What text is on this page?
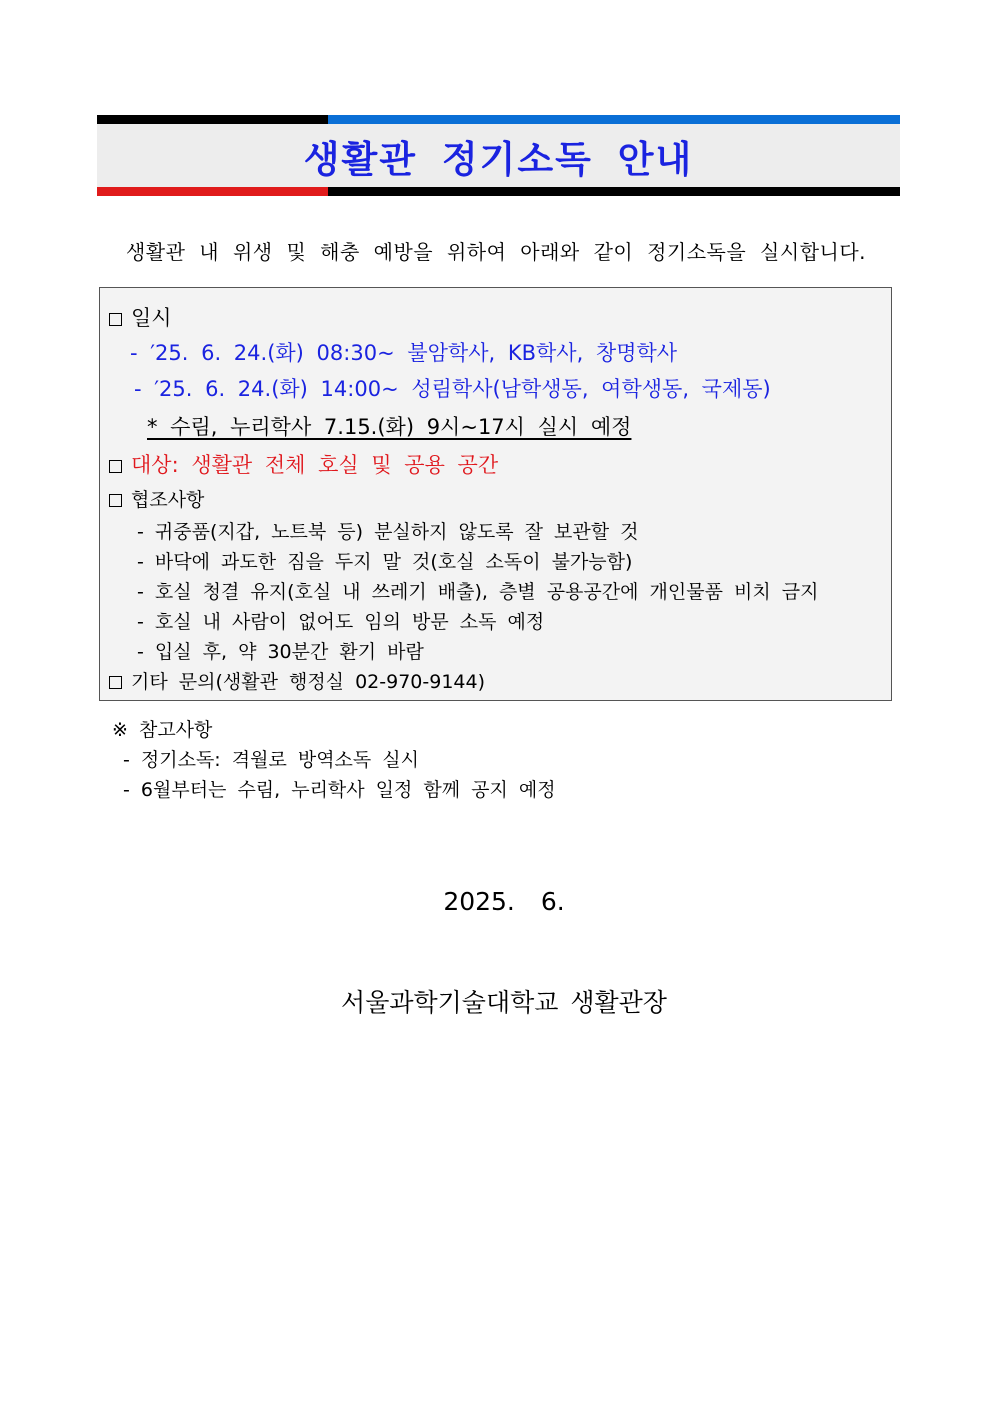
생활관 정기소독 안내
생활관 내 위생 및 해충 예방을 위하여 아래와 같이 정기소독을 실시합니다.
일시
- ′25. 6. 24.(화) 08:30~ 불암학사, KB학사, 창명학사
- ′25. 6. 24.(화) 14:00~ 성림학사(남학생동, 여학생동, 국제동)
* 수림, 누리학사 7.15.(화) 9시~17시 실시 예정
대상: 생활관 전체 호실 및 공용 공간
협조사항
- 귀중품(지갑, 노트북 등) 분실하지 않도록 잘 보관할 것
- 바닥에 과도한 짐을 두지 말 것(호실 소독이 불가능함)
- 호실 청결 유지(호실 내 쓰레기 배출), 층별 공용공간에 개인물품 비치 금지
- 호실 내 사람이 없어도 임의 방문 소독 예정
- 입실 후, 약 30분간 환기 바람
기타 문의(생활관 행정실 02-970-9144)
※ 참고사항
- 정기소독: 격월로 방역소독 실시
- 6월부터는 수림, 누리학사 일정 함께 공지 예정
2025. 6.
서울과학기술대학교 생활관장
